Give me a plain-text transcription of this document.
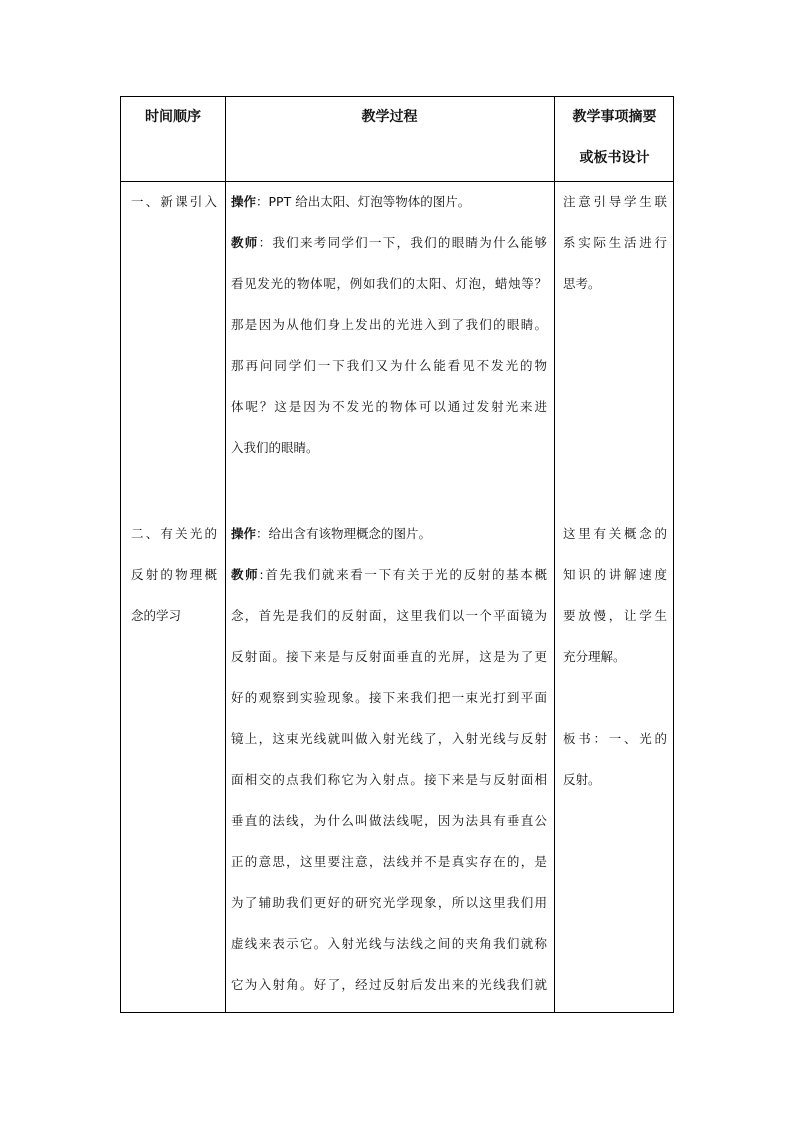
时间顺序	教学过程	教学事项摘要
或板书设计

一、新课引入 操作：PPT 给出太阳、灯泡等物体的图片。

教师：我们来考同学们一下，我们的眼睛为什么能够

看见发光的物体呢，例如我们的太阳、灯泡，蜡烛等？

那是因为从他们身上发出的光进入到了我们的眼睛。

那再问同学们一下我们又为什么能看见不发光的物

体呢？这是因为不发光的物体可以通过发射光来进

入我们的眼睛。

注意引导学生联

系实际生活进行

思考。

二、有关光的

反射的物理概

念的学习

操作：给出含有该物理概念的图片。

教师:首先我们就来看一下有关于光的反射的基本概

念，首先是我们的反射面，这里我们以一个平面镜为

反射面。接下来是与反射面垂直的光屏，这是为了更

好的观察到实验现象。接下来我们把一束光打到平面

镜上，这束光线就叫做入射光线了，入射光线与反射

面相交的点我们称它为入射点。接下来是与反射面相

垂直的法线，为什么叫做法线呢，因为法具有垂直公

正的意思，这里要注意，法线并不是真实存在的，是

为了辅助我们更好的研究光学现象，所以这里我们用

虚线来表示它。入射光线与法线之间的夹角我们就称

它为入射角。好了，经过反射后发出来的光线我们就

这里有关概念的

知识的讲解速度

要放慢，让学生

充分理解。

板书：一、光的

反射。
